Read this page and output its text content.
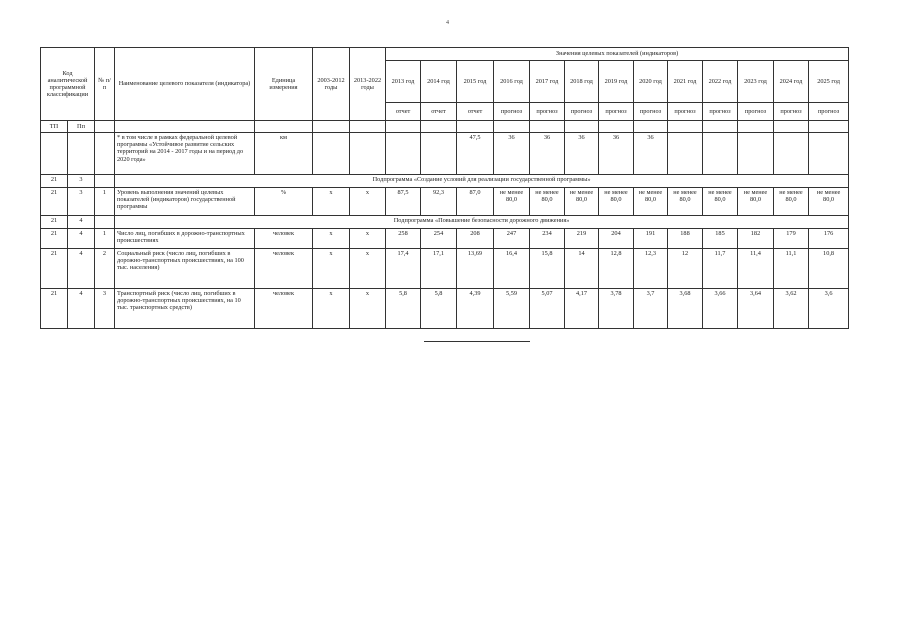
4
Код аналитической программной классификации		№ п/п	Наименование целевого показателя (индикатора)	Единица измерения	2003-2012 годы	2013-2022 годы	Значения целевых показателей (индикаторов)												
							2013 год	2014 год	2015 год	2016 год	2017 год	2018 год	2019 год	2020 год	2021 год	2022 год	2023 год	2024 год	2025 год
							отчет	отчет	отчет	прогноз	прогноз	прогноз	прогноз	прогноз	прогноз	прогноз	прогноз	прогноз	прогноз
ТП	Пп																		
			* в том числе в рамках федеральной целевой программы «Устойчивое развитие сельских территорий на 2014 - 2017 годы и на период до 2020 года»	км					47,5	36	36	36	36	36					
21	3		Подпрограмма «Создание условий для реализации государственной программы»																
21	3	1	Уровень выполнения значений целевых показателей (индикаторов) государственной программы	%	х	х	87,5	92,3	87,0	не менее 80,0	не менее 80,0	не менее 80,0	не менее 80,0	не менее 80,0	не менее 80,0	не менее 80,0	не менее 80,0	не менее 80,0	не менее 80,0
21	4		Подпрограмма «Повышение безопасности дорожного движения»																
21	4	1	Число лиц, погибших в дорожно-транспортных происшествиях	человек	х	х	258	254	208	247	234	219	204	191	188	185	182	179	176
21	4	2	Социальный риск (число лиц, погибших в дорожно-транспортных происшествиях, на 100 тыс. населения)	человек	х	х	17,4	17,1	13,69	16,4	15,8	14	12,8	12,3	12	11,7	11,4	11,1	10,8
21	4	3	Транспортный риск (число лиц, погибших в дорожно-транспортных происшествиях, на 10 тыс. транспортных средств)	человек	х	х	5,8	5,8	4,39	5,59	5,07	4,17	3,78	3,7	3,68	3,66	3,64	3,62	3,6
